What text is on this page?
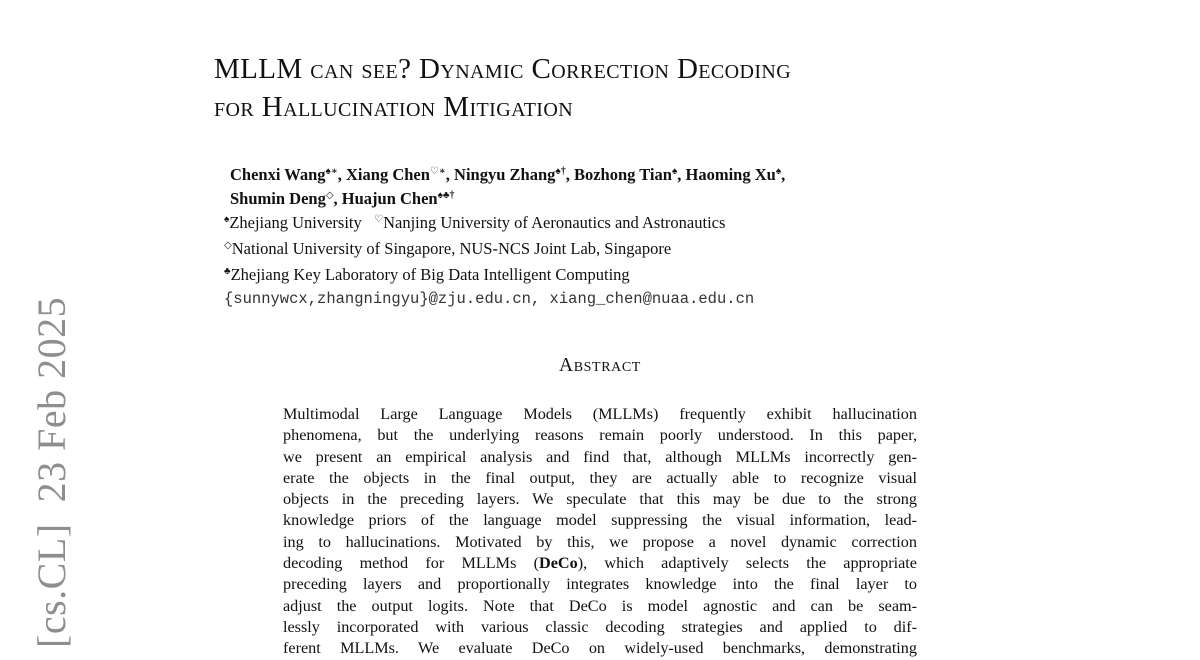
[cs.CL]  23 Feb 2025
MLLM can see? Dynamic Correction Decoding
for Hallucination Mitigation
Chenxi Wang♠∗, Xiang Chen♡∗, Ningyu Zhang♠†, Bozhong Tian♠, Haoming Xu♠,
Shumin Deng◇, Huajun Chen♠♣†
♠Zhejiang University ♡Nanjing University of Aeronautics and Astronautics
◇National University of Singapore, NUS-NCS Joint Lab, Singapore
♣Zhejiang Key Laboratory of Big Data Intelligent Computing
{sunnywcx,zhangningyu}@zju.edu.cn, xiang_chen@nuaa.edu.cn
Abstract
Multimodal Large Language Models (MLLMs) frequently exhibit hallucination
phenomena, but the underlying reasons remain poorly understood. In this paper,
we present an empirical analysis and find that, although MLLMs incorrectly gen-
erate the objects in the final output, they are actually able to recognize visual
objects in the preceding layers. We speculate that this may be due to the strong
knowledge priors of the language model suppressing the visual information, lead-
ing to hallucinations. Motivated by this, we propose a novel dynamic correction
decoding method for MLLMs (DeCo), which adaptively selects the appropriate
preceding layers and proportionally integrates knowledge into the final layer to
adjust the output logits. Note that DeCo is model agnostic and can be seam-
lessly incorporated with various classic decoding strategies and applied to dif-
ferent MLLMs. We evaluate DeCo on widely-used benchmarks, demonstrating
